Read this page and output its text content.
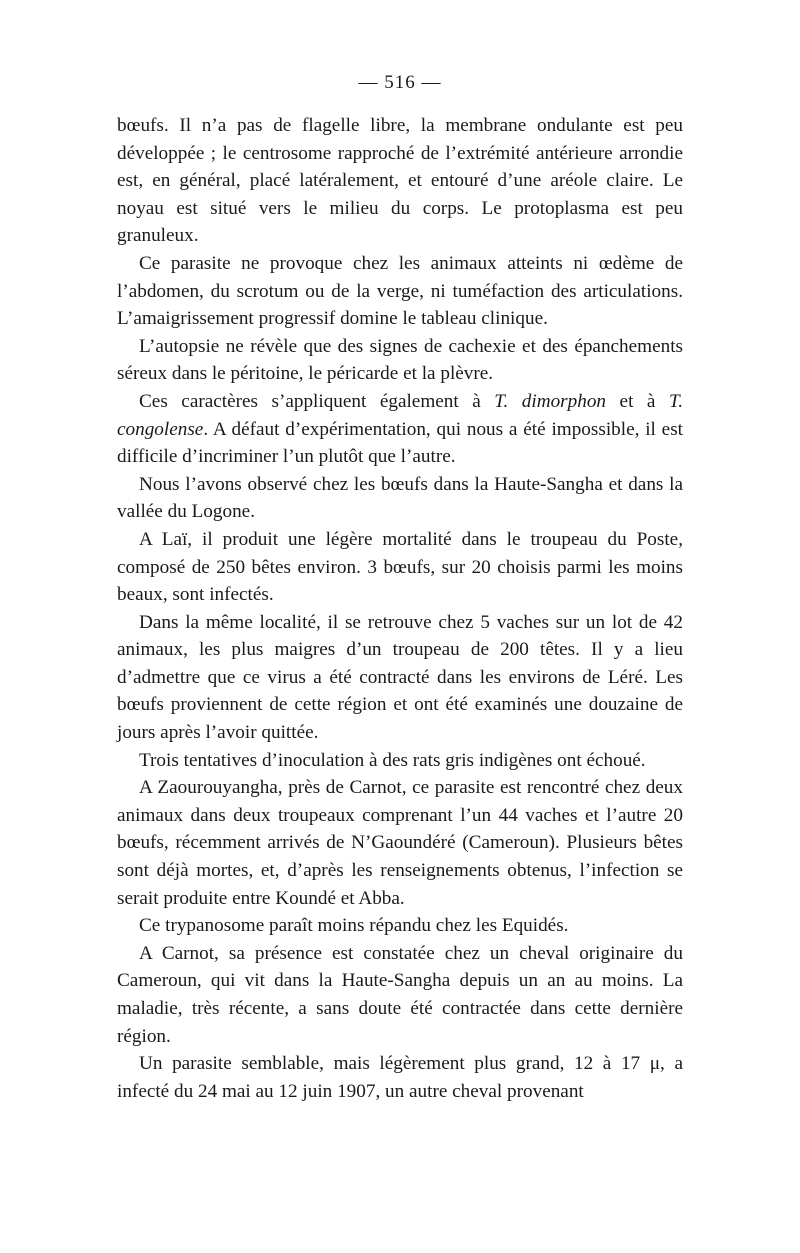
— 516 —

bœufs. Il n’a pas de flagelle libre, la membrane ondulante est peu développée ; le centrosome rapproché de l’extrémité antérieure arrondie est, en général, placé latéralement, et entouré d’une aréole claire. Le noyau est situé vers le milieu du corps. Le protoplasma est peu granuleux.

Ce parasite ne provoque chez les animaux atteints ni œdème de l’abdomen, du scrotum ou de la verge, ni tuméfaction des articulations. L’amaigrissement progressif domine le tableau clinique.

L’autopsie ne révèle que des signes de cachexie et des épanchements séreux dans le péritoine, le péricarde et la plèvre.

Ces caractères s’appliquent également à T. dimorphon et à T. congolense. A défaut d’expérimentation, qui nous a été impossible, il est difficile d’incriminer l’un plutôt que l’autre.

Nous l’avons observé chez les bœufs dans la Haute-Sangha et dans la vallée du Logone.

A Laï, il produit une légère mortalité dans le troupeau du Poste, composé de 250 bêtes environ. 3 bœufs, sur 20 choisis parmi les moins beaux, sont infectés.

Dans la même localité, il se retrouve chez 5 vaches sur un lot de 42 animaux, les plus maigres d’un troupeau de 200 têtes. Il y a lieu d’admettre que ce virus a été contracté dans les environs de Léré. Les bœufs proviennent de cette région et ont été examinés une douzaine de jours après l’avoir quittée.

Trois tentatives d’inoculation à des rats gris indigènes ont échoué.

A Zaourouyangha, près de Carnot, ce parasite est rencontré chez deux animaux dans deux troupeaux comprenant l’un 44 vaches et l’autre 20 bœufs, récemment arrivés de N’Gaoundéré (Cameroun). Plusieurs bêtes sont déjà mortes, et, d’après les renseignements obtenus, l’infection se serait produite entre Koundé et Abba.

Ce trypanosome paraît moins répandu chez les Equidés.

A Carnot, sa présence est constatée chez un cheval originaire du Cameroun, qui vit dans la Haute-Sangha depuis un an au moins. La maladie, très récente, a sans doute été contractée dans cette dernière région.

Un parasite semblable, mais légèrement plus grand, 12 à 17 μ, a infecté du 24 mai au 12 juin 1907, un autre cheval provenant
